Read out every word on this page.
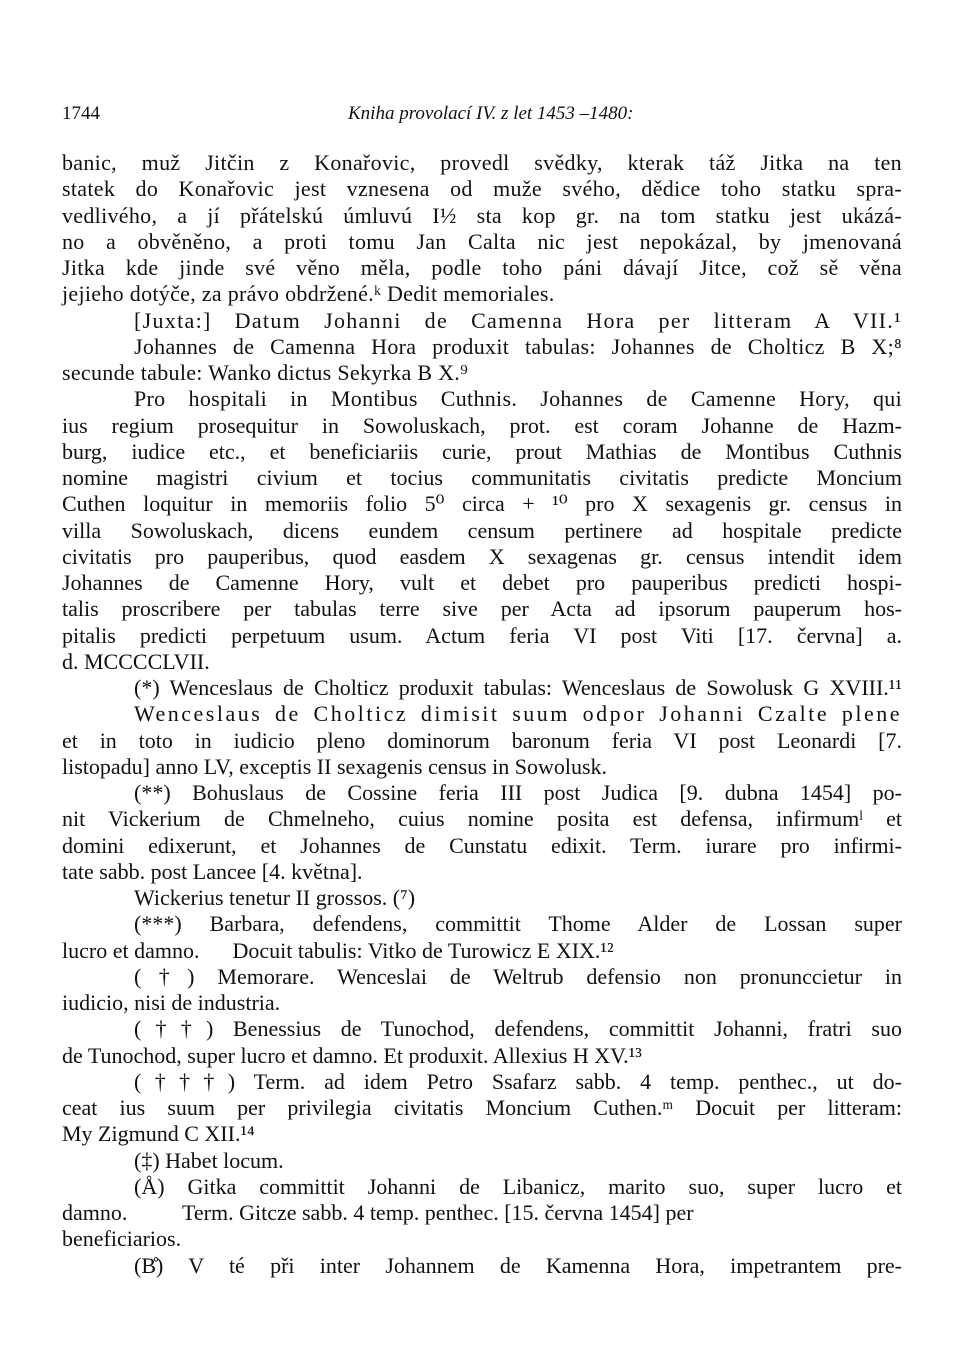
1744	Kniha provolací IV. z let 1453 –1480:
banic, muž Jitčin z Konařovic, provedl svědky, kterak táž Jitka na ten
statek do Konařovic jest vznesena od muže svého, dědice toho statku spra-
vedlivého, a jí přátelskú úmluvú I½ sta kop gr. na tom statku jest ukázá-
no a obvěněno, a proti tomu Jan Calta nic jest nepokázal, by jmenovaná
Jitka kde jinde své věno měla, podle toho páni dávají Jitce, což sě věna
jejieho dotýče, za právo obdržené.ᵏ Dedit memoriales.
[Juxta:] Datum Johanni de Camenna Hora per litteram A VII.¹
Johannes de Camenna Hora produxit tabulas: Johannes de Cholticz B X;⁸
secunde tabule: Wanko dictus Sekyrka B X.⁹
Pro hospitali in Montibus Cuthnis. Johannes de Camenne Hory, qui
ius regium prosequitur in Sowoluskach, prot. est coram Johanne de Hazm-
burg, iudice etc., et beneficiariis curie, prout Mathias de Montibus Cuthnis
nomine magistri civium et tocius communitatis civitatis predicte Moncium
Cuthen loquitur in memoriis folio 5⁰ circa + ¹⁰ pro X sexagenis gr. census in
villa Sowoluskach, dicens eundem censum pertinere ad hospitale predicte
civitatis pro pauperibus, quod easdem X sexagenas gr. census intendit idem
Johannes de Camenne Hory, vult et debet pro pauperibus predicti hospi-
talis proscribere per tabulas terre sive per Acta ad ipsorum pauperum hos-
pitalis predicti perpetuum usum. Actum feria VI post Viti [17. června] a.
d. MCCCCLVII.
(*) Wenceslaus de Cholticz produxit tabulas: Wenceslaus de Sowolusk G XVIII.¹¹
Wenceslaus de Cholticz dimisit suum odpor Johanni Czalte plene
et in toto in iudicio pleno dominorum baronum feria VI post Leonardi [7.
listopadu] anno LV, exceptis II sexagenis census in Sowolusk.
(**) Bohuslaus de Cossine feria III post Judica [9. dubna 1454] po-
nit Vickerium de Chmelneho, cuius nomine posita est defensa, infirmumˡ et
domini edixerunt, et Johannes de Cunstatu edixit. Term. iurare pro infirmi-
tate sabb. post Lancee [4. května].
Wickerius tenetur II grossos. (⁷)
(***) Barbara, defendens, committit Thome Alder de Lossan super
lucro et damno.      Docuit tabulis: Vitko de Turowicz E XIX.¹²
(†) Memorare. Wenceslai de Weltrub defensio non pronunccietur in
iudicio, nisi de industria.
(††) Benessius de Tunochod, defendens, committit Johanni, fratri suo
de Tunochod, super lucro et damno. Et produxit. Allexius H XV.¹³
(†††) Term. ad idem Petro Ssafarz sabb. 4 temp. penthec., ut do-
ceat ius suum per privilegia civitatis Moncium Cuthen.ᵐ Docuit per litteram:
My Zigmund C XII.¹⁴
(‡) Habet locum.
(Å) Gitka committit Johanni de Libanicz, marito suo, super lucro et
damno.          Term. Gitcze sabb. 4 temp. penthec. [15. června 1454] per
beneficiarios.
(B̊) V té při inter Johannem de Kamenna Hora, impetrantem pre-
